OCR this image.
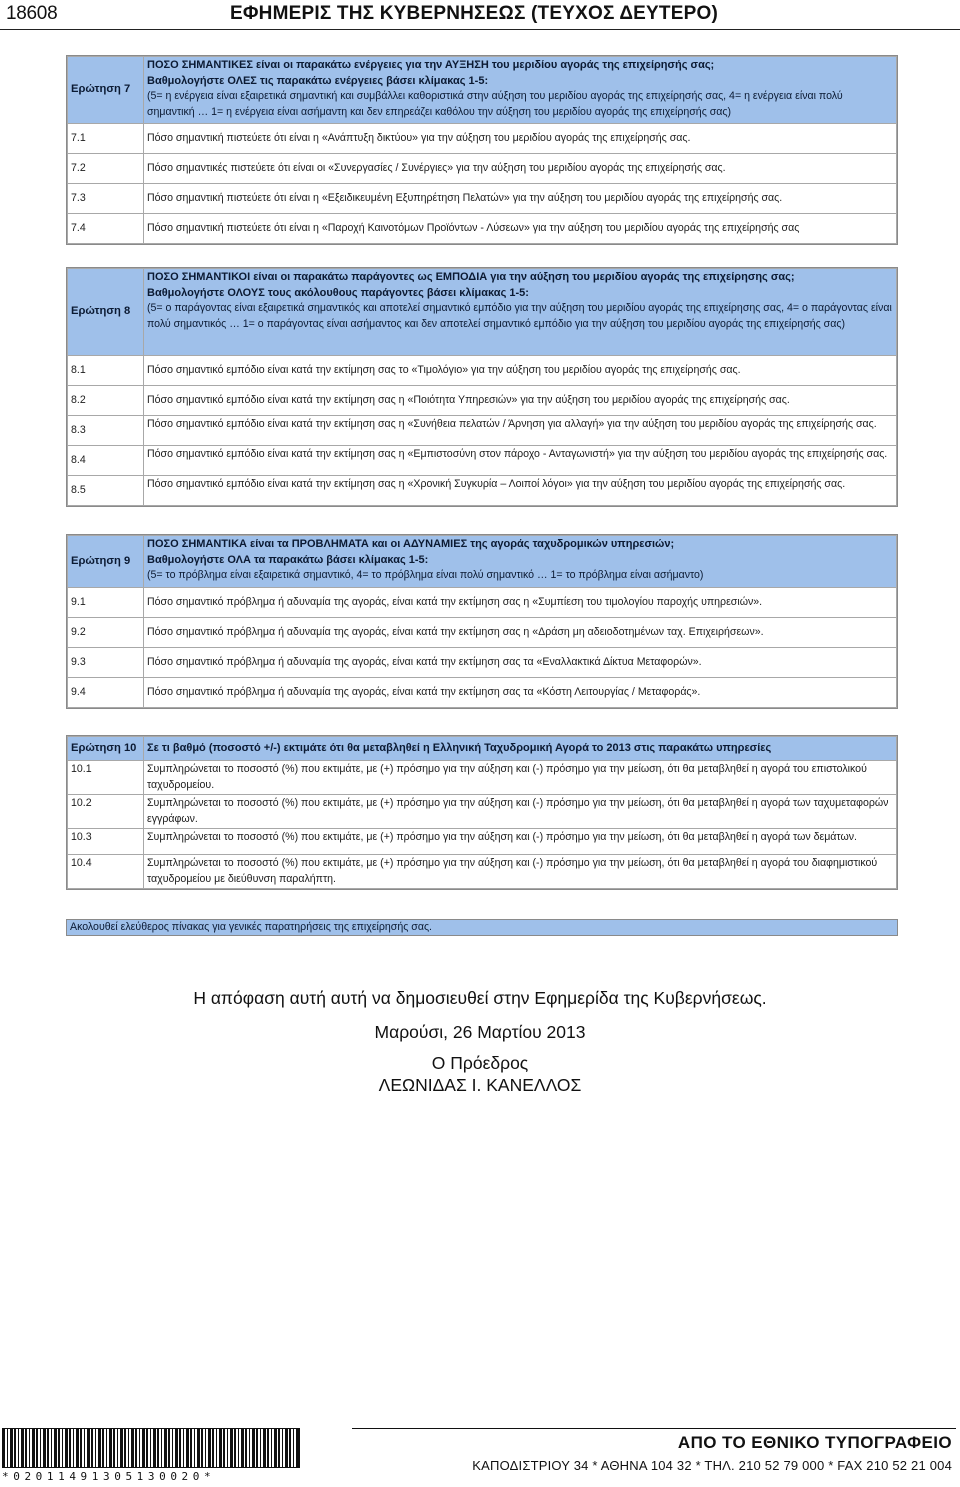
18608	ΕΦΗΜΕΡΙΣ ΤΗΣ ΚΥΒΕΡΝΗΣΕΩΣ (ΤΕΥΧΟΣ ΔΕΥΤΕΡΟ)
Ερώτηση 7	ΠΟΣΟ ΣΗΜΑΝΤΙΚΕΣ είναι οι παρακάτω ενέργειες για την ΑΥΞΗΣΗ του μεριδίου αγοράς της επιχείρησής σας;
Βαθμολογήστε ΟΛΕΣ τις παρακάτω ενέργειες βάσει κλίμακας 1-5:
(5= η ενέργεια είναι εξαιρετικά σημαντική και συμβάλλει καθοριστικά στην αύξηση του μεριδίου αγοράς της επιχείρησής σας, 4= η ενέργεια είναι πολύ σημαντική … 1= η ενέργεια είναι ασήμαντη και δεν επηρεάζει καθόλου την αύξηση του μεριδίου αγοράς της επιχείρησής σας)

7.1	Πόσο σημαντική πιστεύετε ότι είναι η «Ανάπτυξη δικτύου» για την αύξηση του μεριδίου αγοράς της επιχείρησής σας.
7.2	Πόσο σημαντικές πιστεύετε ότι είναι οι «Συνεργασίες / Συνέργιες» για την αύξηση του μεριδίου αγοράς της επιχείρησής σας.
7.3	Πόσο σημαντική πιστεύετε ότι είναι η «Εξειδικευμένη Εξυπηρέτηση Πελατών» για την αύξηση του μεριδίου αγοράς της επιχείρησής σας.
7.4	Πόσο σημαντική πιστεύετε ότι είναι η «Παροχή Καινοτόμων Προϊόντων - Λύσεων» για την αύξηση του μεριδίου αγοράς της επιχείρησής σας
Ερώτηση 8	ΠΟΣΟ ΣΗΜΑΝΤΙΚΟΙ είναι οι παρακάτω παράγοντες ως ΕΜΠΟΔΙΑ για την αύξηση του μεριδίου αγοράς της επιχείρησης σας;
Βαθμολογήστε ΟΛΟΥΣ τους ακόλουθους παράγοντες βάσει κλίμακας 1-5:
(5= ο παράγοντας είναι εξαιρετικά σημαντικός και αποτελεί σημαντικό εμπόδιο για την αύξηση του μεριδίου αγοράς της επιχείρησης σας, 4= ο παράγοντας είναι πολύ σημαντικός … 1= ο παράγοντας είναι ασήμαντος και δεν αποτελεί σημαντικό εμπόδιο για την αύξηση του μεριδίου αγοράς της επιχείρησής σας)

8.1	Πόσο σημαντικό εμπόδιο είναι κατά την εκτίμηση σας το «Τιμολόγιο» για την αύξηση του μεριδίου αγοράς της επιχείρησής σας.
8.2	Πόσο σημαντικό εμπόδιο είναι κατά την εκτίμηση σας η «Ποιότητα Υπηρεσιών» για την αύξηση του μεριδίου αγοράς της επιχείρησής σας.
8.3	Πόσο σημαντικό εμπόδιο είναι κατά την εκτίμηση σας η «Συνήθεια πελατών / Άρνηση για αλλαγή» για την αύξηση του μεριδίου αγοράς της επιχείρησής σας.
8.4	Πόσο σημαντικό εμπόδιο είναι κατά την εκτίμηση σας η «Εμπιστοσύνη στον πάροχο - Ανταγωνιστή» για την αύξηση του μεριδίου αγοράς της επιχείρησής σας.
8.5	Πόσο σημαντικό εμπόδιο είναι κατά την εκτίμηση σας η «Χρονική Συγκυρία – Λοιποί λόγοι» για την αύξηση του μεριδίου αγοράς της επιχείρησής σας.
Ερώτηση 9	ΠΟΣΟ ΣΗΜΑΝΤΙΚΑ είναι τα ΠΡΟΒΛΗΜΑΤΑ και οι ΑΔΥΝΑΜΙΕΣ της αγοράς ταχυδρομικών υπηρεσιών;
Βαθμολογήστε ΟΛΑ τα παρακάτω βάσει κλίμακας 1-5:
(5= το πρόβλημα είναι εξαιρετικά σημαντικό, 4= το πρόβλημα είναι πολύ σημαντικό … 1= το πρόβλημα είναι ασήμαντο)

9.1	Πόσο σημαντικό πρόβλημα ή αδυναμία της αγοράς, είναι κατά την εκτίμηση σας η «Συμπίεση του τιμολογίου παροχής υπηρεσιών».
9.2	Πόσο σημαντικό πρόβλημα ή αδυναμία της αγοράς, είναι κατά την εκτίμηση σας η «Δράση μη αδειοδοτημένων ταχ. Επιχειρήσεων».
9.3	Πόσο σημαντικό πρόβλημα ή αδυναμία της αγοράς, είναι κατά την εκτίμηση σας τα «Εναλλακτικά Δίκτυα Μεταφορών».
9.4	Πόσο σημαντικό πρόβλημα ή αδυναμία της αγοράς, είναι κατά την εκτίμηση σας τα «Κόστη Λειτουργίας / Μεταφοράς».
Ερώτηση 10	Σε τι βαθμό (ποσοστό +/-) εκτιμάτε ότι θα μεταβληθεί η Ελληνική Ταχυδρομική Αγορά το 2013 στις παρακάτω υπηρεσίες

10.1	Συμπληρώνεται το ποσοστό (%) που εκτιμάτε, με (+) πρόσημο για την αύξηση και (-) πρόσημο για την μείωση, ότι θα μεταβληθεί η αγορά του επιστολικού ταχυδρομείου.
10.2	Συμπληρώνεται το ποσοστό (%) που εκτιμάτε, με (+) πρόσημο για την αύξηση και (-) πρόσημο για την μείωση, ότι θα μεταβληθεί η αγορά των ταχυμεταφορών εγγράφων.
10.3	Συμπληρώνεται το ποσοστό (%) που εκτιμάτε, με (+) πρόσημο για την αύξηση και (-) πρόσημο για την μείωση, ότι θα μεταβληθεί η αγορά των δεμάτων.
10.4	Συμπληρώνεται το ποσοστό (%) που εκτιμάτε, με (+) πρόσημο για την αύξηση και (-) πρόσημο για την μείωση, ότι θα μεταβληθεί η αγορά του διαφημιστικού ταχυδρομείου με διεύθυνση παραλήπτη.
Ακολουθεί ελεύθερος πίνακας για γενικές παρατηρήσεις της επιχείρησής σας.
Η απόφαση αυτή αυτή να δημοσιευθεί στην Εφημερίδα της Κυβερνήσεως.
Μαρούσι, 26 Μαρτίου 2013
Ο Πρόεδρος
ΛΕΩΝΙΔΑΣ Ι. ΚΑΝΕΛΛΟΣ
*02011491305130020*
ΑΠΟ ΤΟ ΕΘΝΙΚΟ ΤΥΠΟΓΡΑΦΕΙΟ
ΚΑΠΟΔΙΣΤΡΙΟΥ 34 * ΑΘΗΝΑ 104 32 * ΤΗΛ. 210 52 79 000 * FAX 210 52 21 004
